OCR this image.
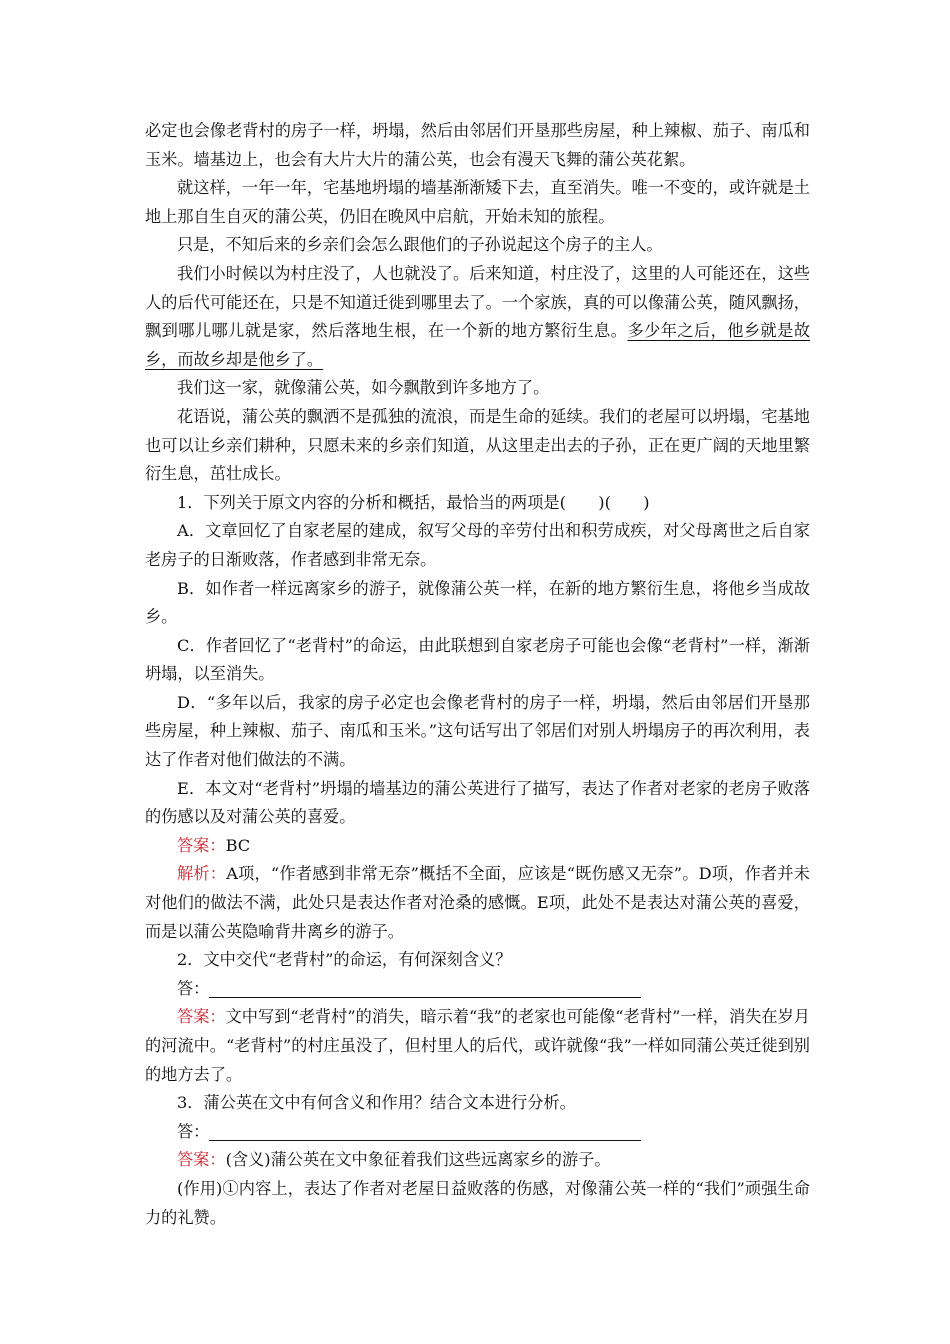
必定也会像老背村的房子一样，坍塌，然后由邻居们开垦那些房屋，种上辣椒、茄子、南瓜和玉米。墙基边上，也会有大片大片的蒲公英，也会有漫天飞舞的蒲公英花絮。

就这样，一年一年，宅基地坍塌的墙基渐渐矮下去，直至消失。唯一不变的，或许就是土地上那自生自灭的蒲公英，仍旧在晚风中启航，开始未知的旅程。

只是，不知后来的乡亲们会怎么跟他们的子孙说起这个房子的主人。

我们小时候以为村庄没了，人也就没了。后来知道，村庄没了，这里的人可能还在，这些人的后代可能还在，只是不知道迁徙到哪里去了。一个家族，真的可以像蒲公英，随风飘扬，飘到哪儿哪儿就是家，然后落地生根，在一个新的地方繁衍生息。多少年之后，他乡就是故乡，而故乡却是他乡了。

我们这一家，就像蒲公英，如今飘散到许多地方了。

花语说，蒲公英的飘洒不是孤独的流浪，而是生命的延续。我们的老屋可以坍塌，宅基地也可以让乡亲们耕种，只愿未来的乡亲们知道，从这里走出去的子孙，正在更广阔的天地里繁衍生息，茁壮成长。

1．下列关于原文内容的分析和概括，最恰当的两项是(　　)(　　)

A．文章回忆了自家老屋的建成，叙写父母的辛劳付出和积劳成疾，对父母离世之后自家老房子的日渐败落，作者感到非常无奈。

B．如作者一样远离家乡的游子，就像蒲公英一样，在新的地方繁衍生息，将他乡当成故乡。

C．作者回忆了“老背村”的命运，由此联想到自家老房子可能也会像“老背村”一样，渐渐坍塌，以至消失。

D．“多年以后，我家的房子必定也会像老背村的房子一样，坍塌，然后由邻居们开垦那些房屋，种上辣椒、茄子、南瓜和玉米。”这句话写出了邻居们对别人坍塌房子的再次利用，表达了作者对他们做法的不满。

E．本文对“老背村”坍塌的墙基边的蒲公英进行了描写，表达了作者对老家的老房子败落的伤感以及对蒲公英的喜爱。

答案：BC

解析：A项，“作者感到非常无奈”概括不全面，应该是“既伤感又无奈”。D项，作者并未对他们的做法不满，此处只是表达作者对沧桑的感慨。E项，此处不是表达对蒲公英的喜爱，而是以蒲公英隐喻背井离乡的游子。

2．文中交代“老背村”的命运，有何深刻含义？

答：

答案：文中写到“老背村”的消失，暗示着“我”的老家也可能像“老背村”一样，消失在岁月的河流中。“老背村”的村庄虽没了，但村里人的后代，或许就像“我”一样如同蒲公英迁徙到别的地方去了。

3．蒲公英在文中有何含义和作用？结合文本进行分析。

答：

答案：(含义)蒲公英在文中象征着我们这些远离家乡的游子。

(作用)①内容上，表达了作者对老屋日益败落的伤感，对像蒲公英一样的“我们”顽强生命力的礼赞。
